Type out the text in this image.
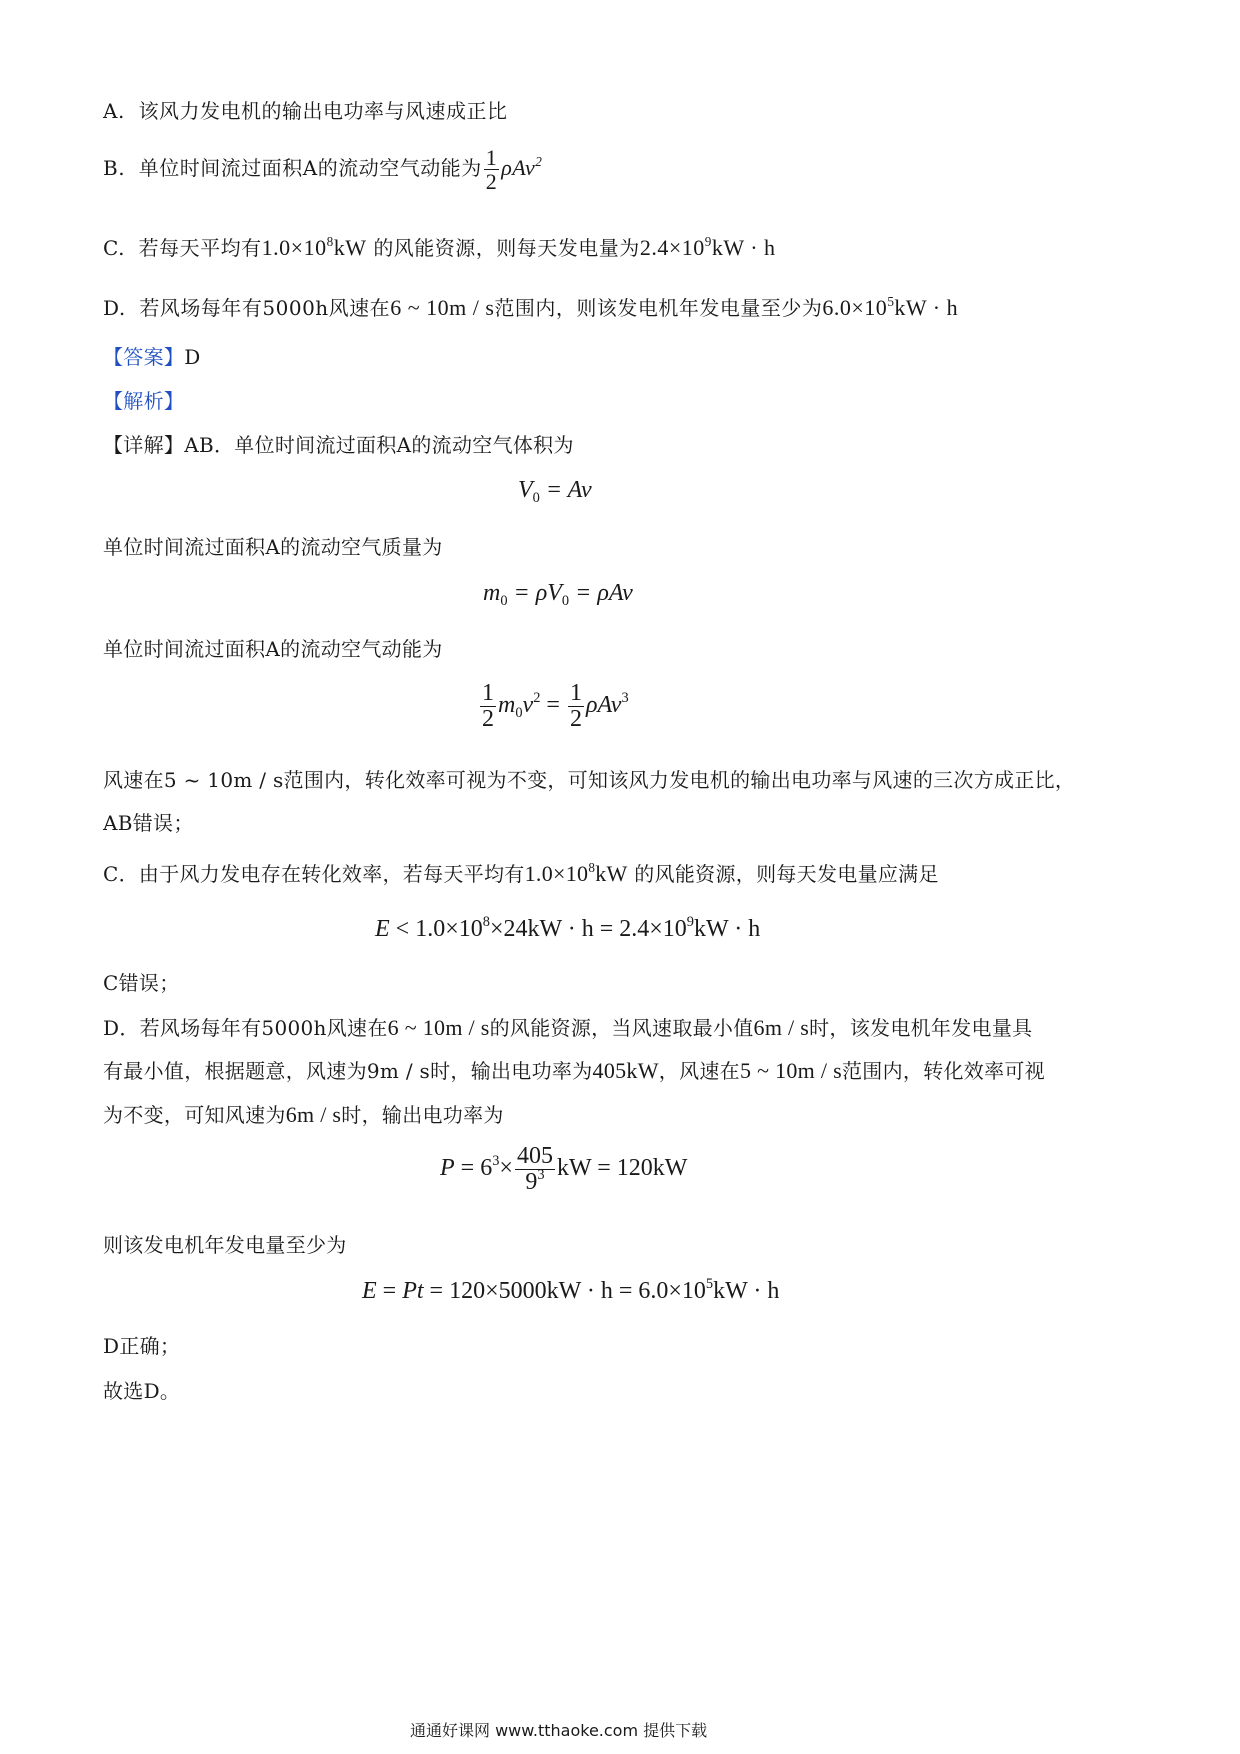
A. 该风力发电机的输出电功率与风速成正比
B. 单位时间流过面积A的流动空气动能为 $\frac{1}{2} \rho Av^2$
C. 若每天平均有$1.0\times 10^8kW$ 的风能资源，则每天发电量为$2.4\times 10^9kW \cdot h$
D. 若风场每年有5000h风速在6 ~ 10m / s范围内，则该发电机年发电量至少为$6.0\times 10^5kW \cdot h$
【答案】D
【解析】
【详解】AB．单位时间流过面积A的流动空气体积为
$V_0 = Av$
单位时间流过面积A的流动空气质量为
$m_0 = \rho V_0 = \rho Av$
单位时间流过面积A的流动空气动能为
$\frac{1}{2} m_0v^2 = \frac{1}{2} \rho Av^3$
风速在5 ~ 10m / s范围内，转化效率可视为不变，可知该风力发电机的输出电功率与风速的三次方成正比，
AB错误；
C．由于风力发电存在转化效率，若每天平均有$1.0\times 10^8kW$ 的风能资源，则每天发电量应满足
$E < 1.0\times 10^8\times 24kW \cdot h = 2.4\times 10^9kW \cdot h$
C错误；
D．若风场每年有5000h风速在6 ~ 10m / s的风能资源，当风速取最小值6m / s时，该发电机年发电量具
有最小值，根据题意，风速为9m / s时，输出电功率为405kW，风速在5 ~ 10m / s范围内，转化效率可视
为不变，可知风速为6m / s时，输出电功率为
$P = 6^3\times \frac{405}{9^3}$ kW = 120kW
则该发电机年发电量至少为
$E = Pt = 120\times 5000kW \cdot h = 6.0\times 10^5kW \cdot h$
D正确；
故选D。
通通好课网 www.tthaoke.com 提供下载
